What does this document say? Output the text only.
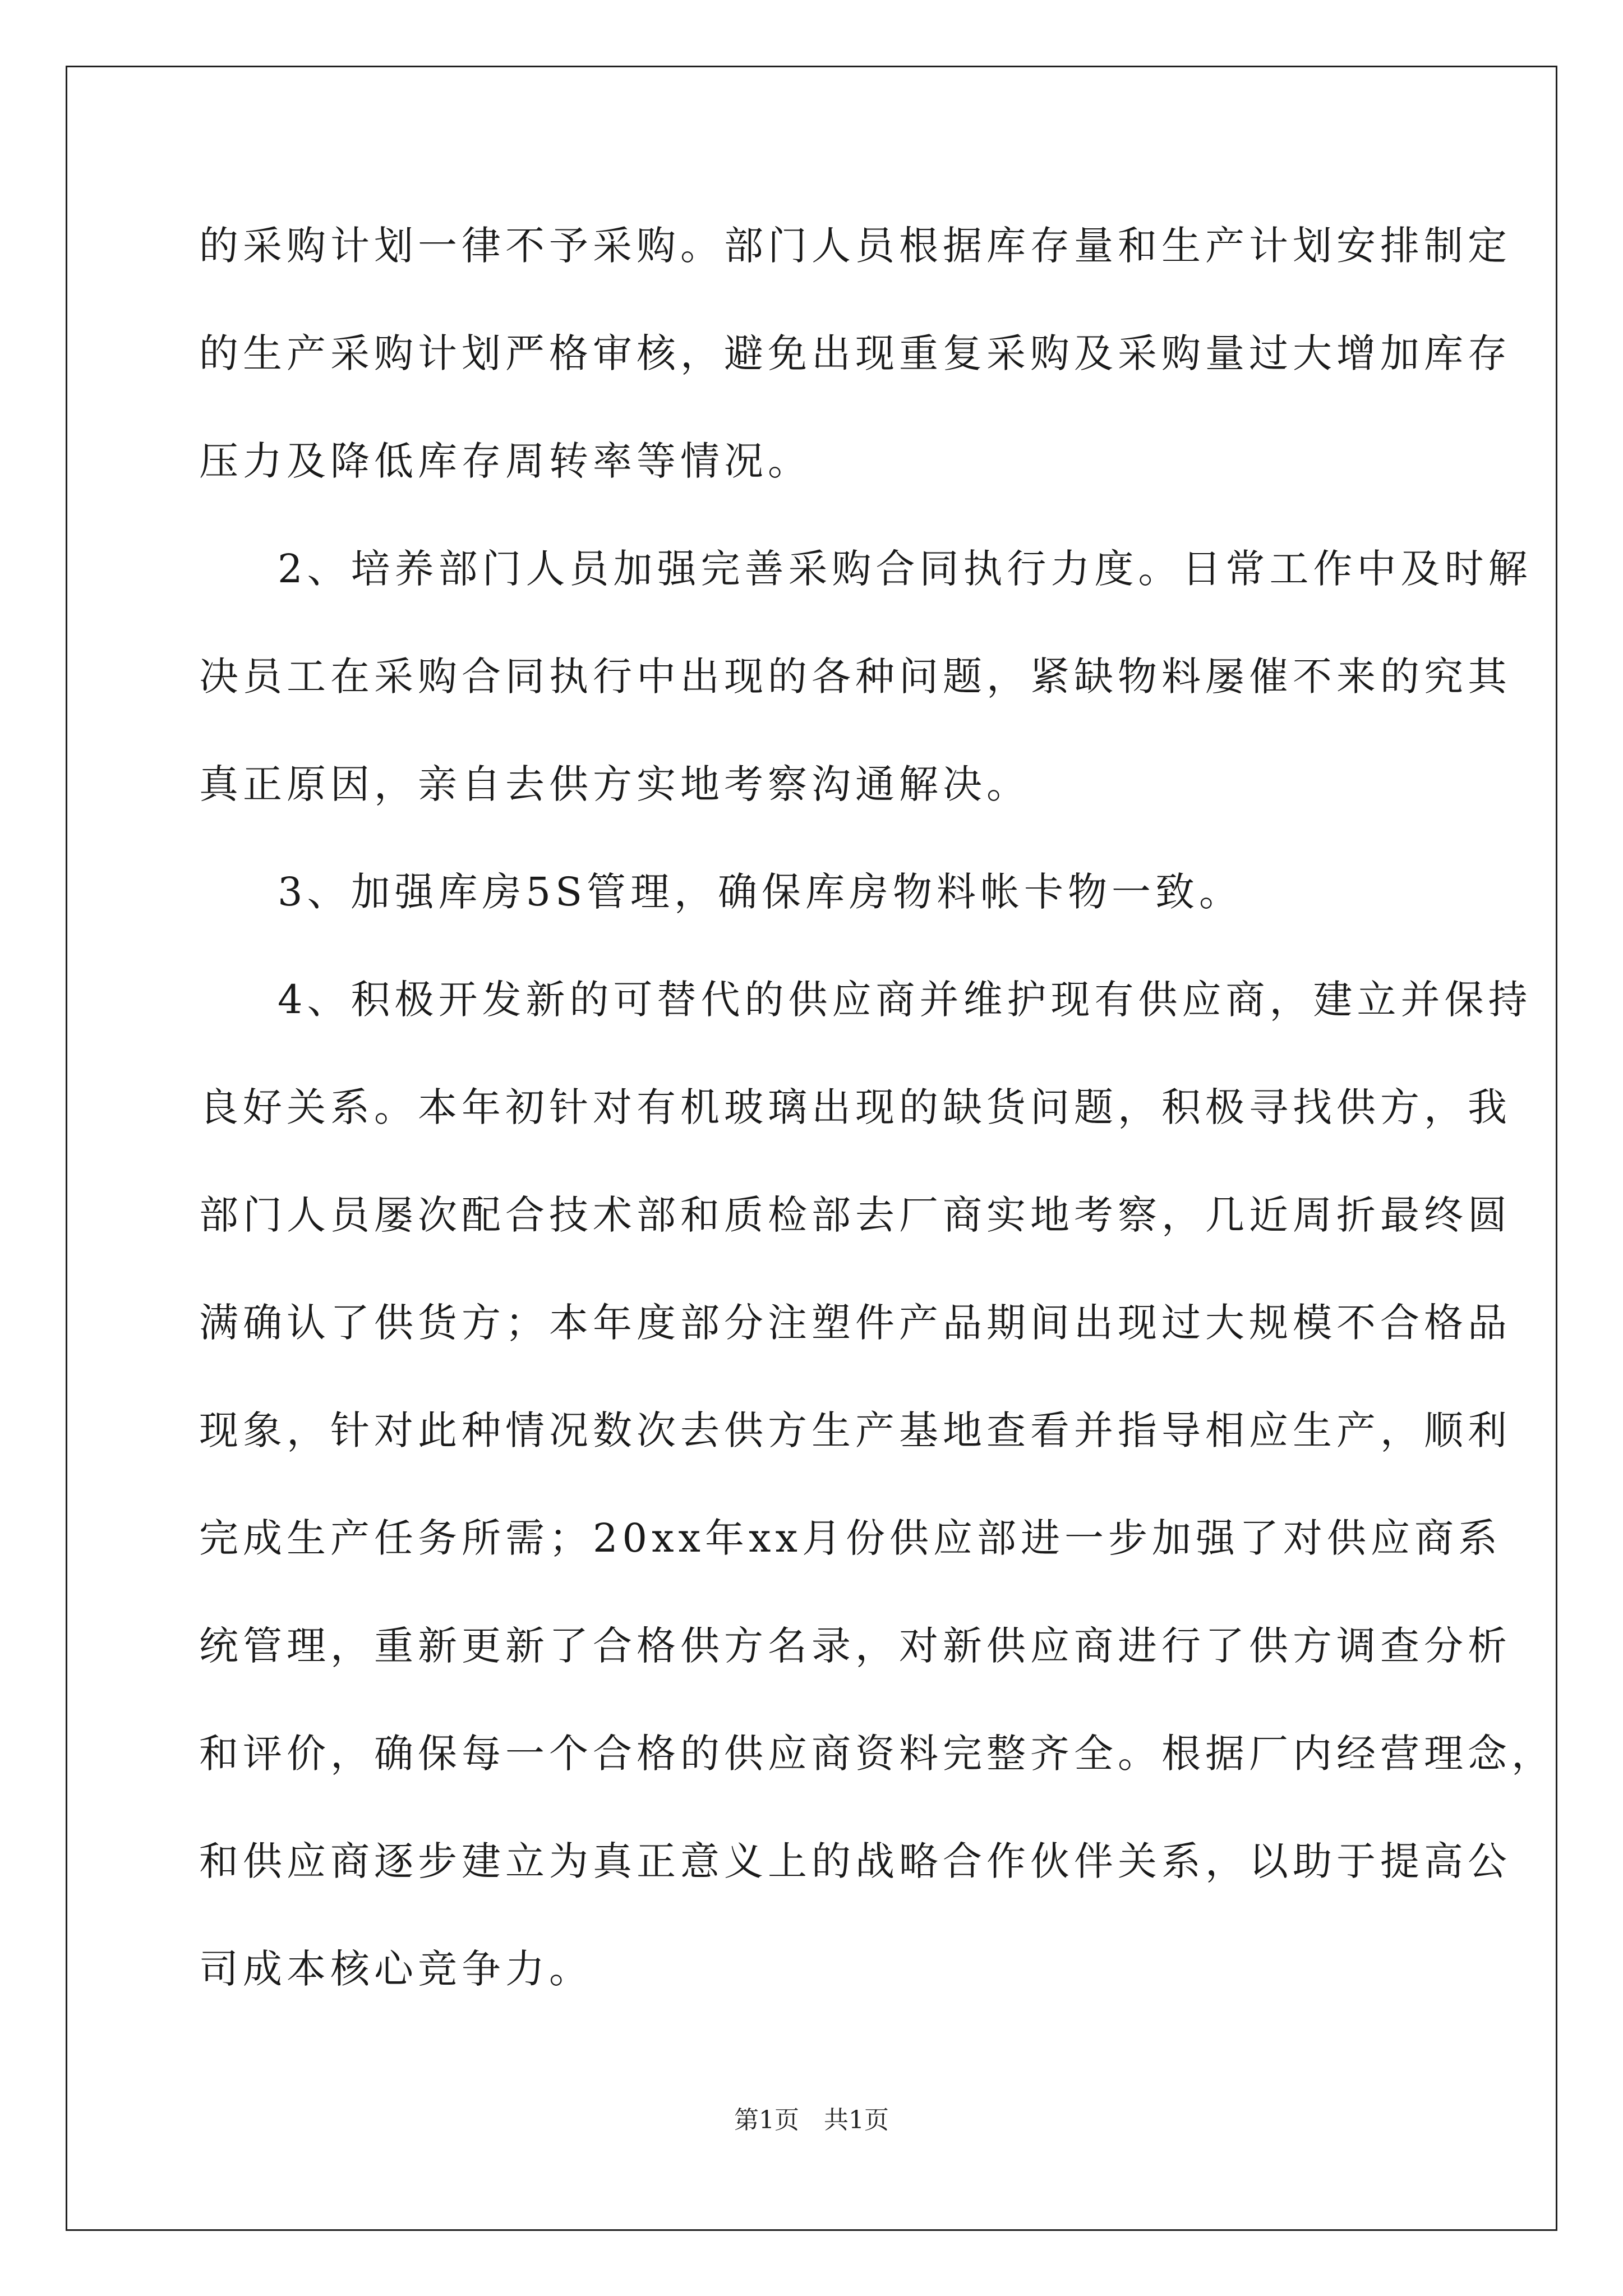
的采购计划一律不予采购。部门人员根据库存量和生产计划安排制定
的生产采购计划严格审核，避免出现重复采购及采购量过大增加库存
压力及降低库存周转率等情况。
2、培养部门人员加强完善采购合同执行力度。日常工作中及时解
决员工在采购合同执行中出现的各种问题，紧缺物料屡催不来的究其
真正原因，亲自去供方实地考察沟通解决。
3、加强库房5S管理，确保库房物料帐卡物一致。
4、积极开发新的可替代的供应商并维护现有供应商，建立并保持
良好关系。本年初针对有机玻璃出现的缺货问题，积极寻找供方，我
部门人员屡次配合技术部和质检部去厂商实地考察，几近周折最终圆
满确认了供货方；本年度部分注塑件产品期间出现过大规模不合格品
现象，针对此种情况数次去供方生产基地查看并指导相应生产，顺利
完成生产任务所需；20xx年xx月份供应部进一步加强了对供应商系
统管理，重新更新了合格供方名录，对新供应商进行了供方调查分析
和评价，确保每一个合格的供应商资料完整齐全。根据厂内经营理念，
和供应商逐步建立为真正意义上的战略合作伙伴关系，以助于提高公
司成本核心竞争力。
第1页　共1页
